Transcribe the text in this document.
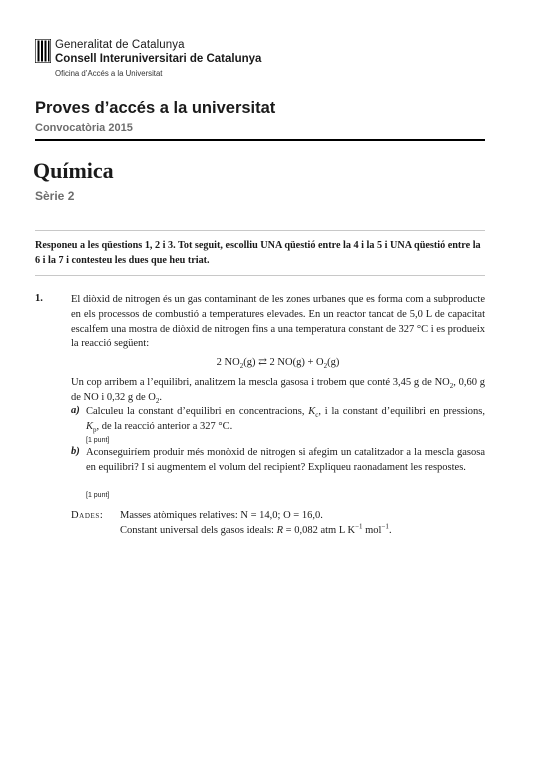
Generalitat de Catalunya
Consell Interuniversitari de Catalunya
Oficina d’Accés a la Universitat
Proves d’accés a la universitat
Convocatòria 2015
Química
Sèrie 2
Responeu a les qüestions 1, 2 i 3. Tot seguit, escolliu UNA qüestió entre la 4 i la 5 i UNA qüestió entre la 6 i la 7 i contesteu les dues que heu triat.
1.	El diòxid de nitrogen és un gas contaminant de les zones urbanes que es forma com a subproducte en els processos de combustió a temperatures elevades. En un reactor tancat de 5,0 L de capacitat escalfem una mostra de diòxid de nitrogen fins a una temperatura constant de 327 °C i es produeix la reacció següent:
2 $NO_2(g)$ ⇄ 2 $NO(g) + O_2(g)$
Un cop arribem a l’equilibri, analitzem la mescla gasosa i trobem que conté 3,45 g de $NO_2$, 0,60 g de NO i 0,32 g de $O_2$.
a) Calculeu la constant d’equilibri en concentracions, $K_c$, i la constant d’equilibri en pressions, $K_p$, de la reacció anterior a 327 °C.
[1 punt]
b) Aconseguiríem produir més monòxid de nitrogen si afegim un catalitzador a la mescla gasosa en equilibri? I si augmentem el volum del recipient? Expliqueu raonadament les respostes.
[1 punt]
Dades: Masses atòmiques relatives: N = 14,0; O = 16,0.
Constant universal dels gasos ideals: R = 0,082 atm L $K^{-1}$ mol$^{-1}$.
